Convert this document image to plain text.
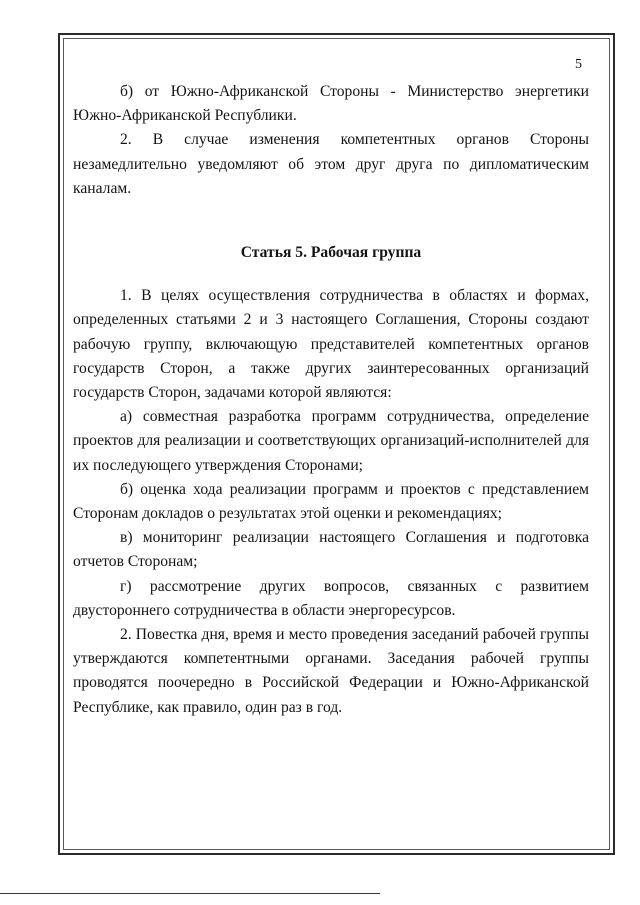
5

б) от Южно-Африканской Стороны - Министерство энергетики Южно-Африканской Республики.

2. В случае изменения компетентных органов Стороны незамедлительно уведомляют об этом друг друга по дипломатическим каналам.

Статья 5. Рабочая группа

1. В целях осуществления сотрудничества в областях и формах, определенных статьями 2 и 3 настоящего Соглашения, Стороны создают рабочую группу, включающую представителей компетентных органов государств Сторон, а также других заинтересованных организаций государств Сторон, задачами которой являются:

а) совместная разработка программ сотрудничества, определение проектов для реализации и соответствующих организаций-исполнителей для их последующего утверждения Сторонами;

б) оценка хода реализации программ и проектов с представлением Сторонам докладов о результатах этой оценки и рекомендациях;

в) мониторинг реализации настоящего Соглашения и подготовка отчетов Сторонам;

г) рассмотрение других вопросов, связанных с развитием двустороннего сотрудничества в области энергоресурсов.

2. Повестка дня, время и место проведения заседаний рабочей группы утверждаются компетентными органами. Заседания рабочей группы проводятся поочередно в Российской Федерации и Южно-Африканской Республике, как правило, один раз в год.
